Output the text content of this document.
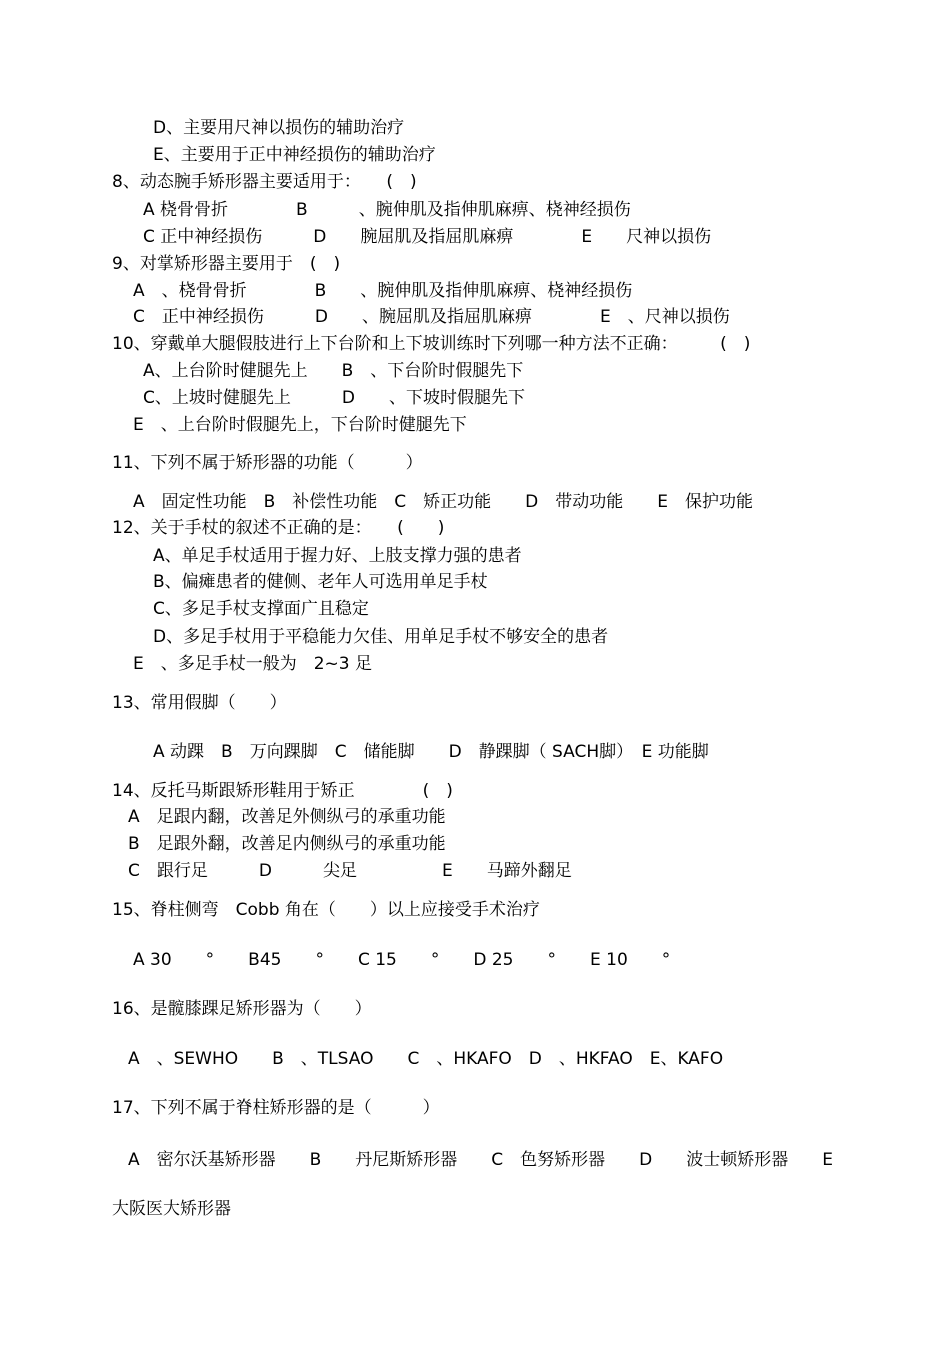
D、主要用尺神以损伤的辅助治疗

E、主要用于正中神经损伤的辅助治疗

8、动态腕手矫形器主要适用于：　　(　)

A 桡骨骨折　　　　B　　　、腕伸肌及指伸肌麻痹、桡神经损伤

C 正中神经损伤　　　D　　腕屈肌及指屈肌麻痹　　　　E　　尺神以损伤

9、对掌矫形器主要用于　(　)

A　、桡骨骨折　　　　B　　、腕伸肌及指伸肌麻痹、桡神经损伤

C　正中神经损伤　　　D　　、腕屈肌及指屈肌麻痹　　　　E　、尺神以损伤

10、穿戴单大腿假肢进行上下台阶和上下坡训练时下列哪一种方法不正确：　　　(　)

A、上台阶时健腿先上　　B　、下台阶时假腿先下

C、上坡时健腿先上　　　D　　、下坡时假腿先下

E　、上台阶时假腿先上，下台阶时健腿先下

11、下列不属于矫形器的功能（　　　）

A　固定性功能　B　补偿性功能　C　矫正功能　　D　带动功能　　E　保护功能

12、关于手杖的叙述不正确的是：　　(　　)

A、单足手杖适用于握力好、上肢支撑力强的患者

B、偏瘫患者的健侧、老年人可选用单足手杖

C、多足手杖支撑面广且稳定

D、多足手杖用于平稳能力欠佳、用单足手杖不够安全的患者

E　、多足手杖一般为　2~3 足

13、常用假脚（　　）

A 动踝　B　万向踝脚　C　储能脚　　D　静踝脚（ SACH脚）　E 功能脚

14、反托马斯跟矫形鞋用于矫正　　　　(　)

A　足跟内翻，改善足外侧纵弓的承重功能

B　足跟外翻，改善足内侧纵弓的承重功能

C　跟行足　　　D　　　尖足　　　　　E　　马蹄外翻足

15、脊柱侧弯　Cobb 角在（　　）以上应接受手术治疗

A 30　　°　　B45　　°　　C 15　　°　　D 25　　°　　E 10　　°

16、是髋膝踝足矫形器为（　　）

A　、SEWHO　　B　、TLSAO　　C　、HKAFO　D　、HKFAO　E、KAFO

17、下列不属于脊柱矫形器的是（　　　）

A　密尔沃基矫形器　　B　　丹尼斯矫形器　　C　色努矫形器　　D　　波士顿矫形器　　E

大阪医大矫形器
